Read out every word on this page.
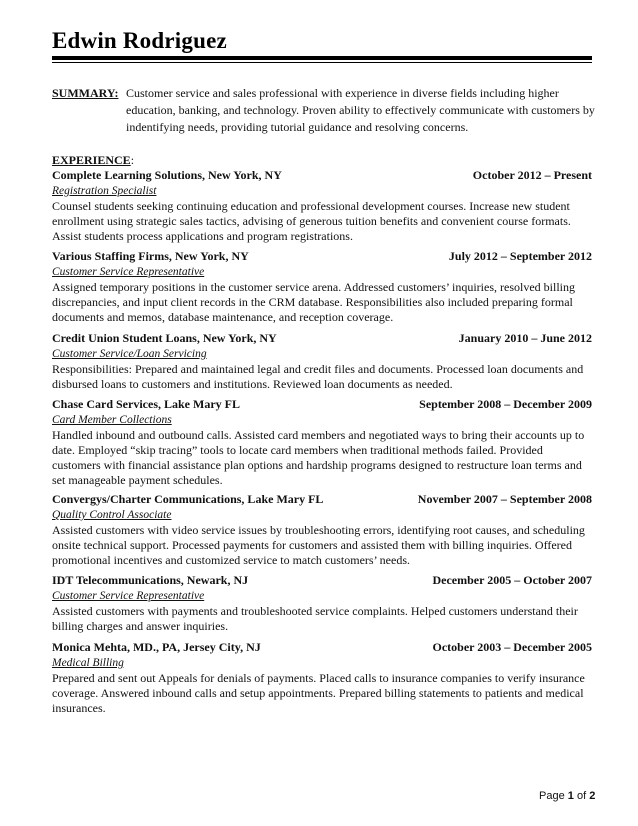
Edwin Rodriguez
SUMMARY: Customer service and sales professional with experience in diverse fields including higher education, banking, and technology. Proven ability to effectively communicate with customers by indentifying needs, providing tutorial guidance and resolving concerns.
EXPERIENCE:
Complete Learning Solutions, New York, NY	October 2012 – Present
Registration Specialist

Counsel students seeking continuing education and professional development courses. Increase new student enrollment using strategic sales tactics, advising of generous tuition benefits and convenient course formats. Assist students process applications and program registrations.

Various Staffing Firms, New York, NY	July 2012 – September 2012
Customer Service Representative

Assigned temporary positions in the customer service arena. Addressed customers’ inquiries, resolved billing discrepancies, and input client records in the CRM database. Responsibilities also included preparing formal documents and memos, database maintenance, and reception coverage.

Credit Union Student Loans, New York, NY	January 2010 – June 2012
Customer Service/Loan Servicing

Responsibilities: Prepared and maintained legal and credit files and documents. Processed loan documents and disbursed loans to customers and institutions. Reviewed loan documents as needed.

Chase Card Services, Lake Mary FL	September 2008 – December 2009
Card Member Collections

Handled inbound and outbound calls. Assisted card members and negotiated ways to bring their accounts up to date. Employed “skip tracing” tools to locate card members when traditional methods failed. Provided customers with financial assistance plan options and hardship programs designed to restructure loan terms and set manageable payment schedules.

Convergys/Charter Communications, Lake Mary FL	November 2007 – September 2008
Quality Control Associate

Assisted customers with video service issues by troubleshooting errors, identifying root causes, and scheduling onsite technical support. Processed payments for customers and assisted them with billing inquiries. Offered promotional incentives and customized service to match customers’ needs.

IDT Telecommunications, Newark, NJ	December 2005 – October 2007
Customer Service Representative

Assisted customers with payments and troubleshooted service complaints. Helped customers understand their billing charges and answer inquiries.

Monica Mehta, MD., PA, Jersey City, NJ	October 2003 – December 2005
Medical Billing

Prepared and sent out Appeals for denials of payments. Placed calls to insurance companies to verify insurance coverage. Answered inbound calls and setup appointments. Prepared billing statements to patients and medical insurances.

Page 1 of 2
